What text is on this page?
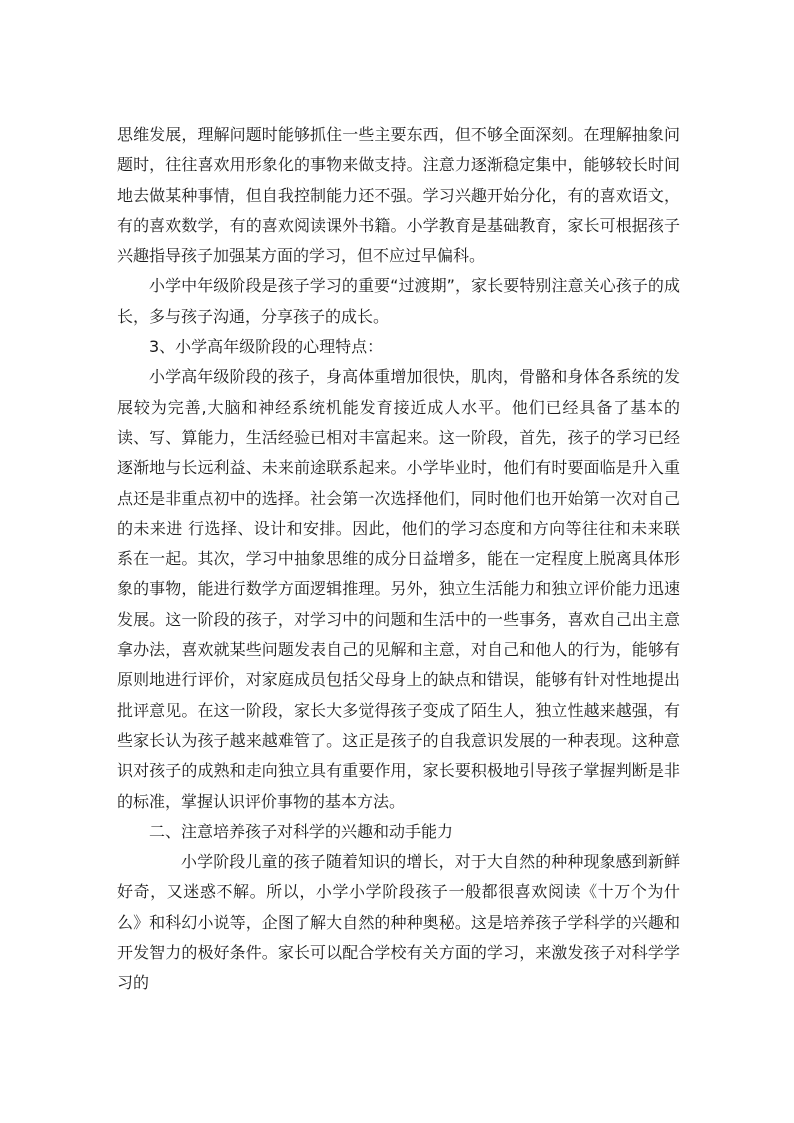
思维发展，理解问题时能够抓住一些主要东西，但不够全面深刻。在理解抽象问题时，往往喜欢用形象化的事物来做支持。注意力逐渐稳定集中，能够较长时间地去做某种事情，但自我控制能力还不强。学习兴趣开始分化，有的喜欢语文，有的喜欢数学，有的喜欢阅读课外书籍。小学教育是基础教育，家长可根据孩子兴趣指导孩子加强某方面的学习，但不应过早偏科。

小学中年级阶段是孩子学习的重要“过渡期”，家长要特别注意关心孩子的成长，多与孩子沟通，分享孩子的成长。

3、小学高年级阶段的心理特点：

小学高年级阶段的孩子，身高体重增加很快，肌肉，骨骼和身体各系统的发展较为完善,大脑和神经系统机能发育接近成人水平。他们已经具备了基本的读、写、算能力，生活经验已相对丰富起来。这一阶段，首先，孩子的学习已经逐渐地与长远利益、未来前途联系起来。小学毕业时，他们有时要面临是升入重点还是非重点初中的选择。社会第一次选择他们，同时他们也开始第一次对自己的未来进 行选择、设计和安排。因此，他们的学习态度和方向等往往和未来联系在一起。其次，学习中抽象思维的成分日益增多，能在一定程度上脱离具体形象的事物，能进行数学方面逻辑推理。另外，独立生活能力和独立评价能力迅速发展。这一阶段的孩子，对学习中的问题和生活中的一些事务，喜欢自己出主意拿办法，喜欢就某些问题发表自己的见解和主意，对自己和他人的行为，能够有原则地进行评价，对家庭成员包括父母身上的缺点和错误，能够有针对性地提出批评意见。在这一阶段，家长大多觉得孩子变成了陌生人，独立性越来越强，有些家长认为孩子越来越难管了。这正是孩子的自我意识发展的一种表现。这种意识对孩子的成熟和走向独立具有重要作用，家长要积极地引导孩子掌握判断是非的标准，掌握认识评价事物的基本方法。

二、注意培养孩子对科学的兴趣和动手能力

小学阶段儿童的孩子随着知识的增长，对于大自然的种种现象感到新鲜好奇，又迷惑不解。所以，小学小学阶段孩子一般都很喜欢阅读《十万个为什么》和科幻小说等，企图了解大自然的种种奥秘。这是培养孩子学科学的兴趣和开发智力的极好条件。家长可以配合学校有关方面的学习，来激发孩子对科学学习的
